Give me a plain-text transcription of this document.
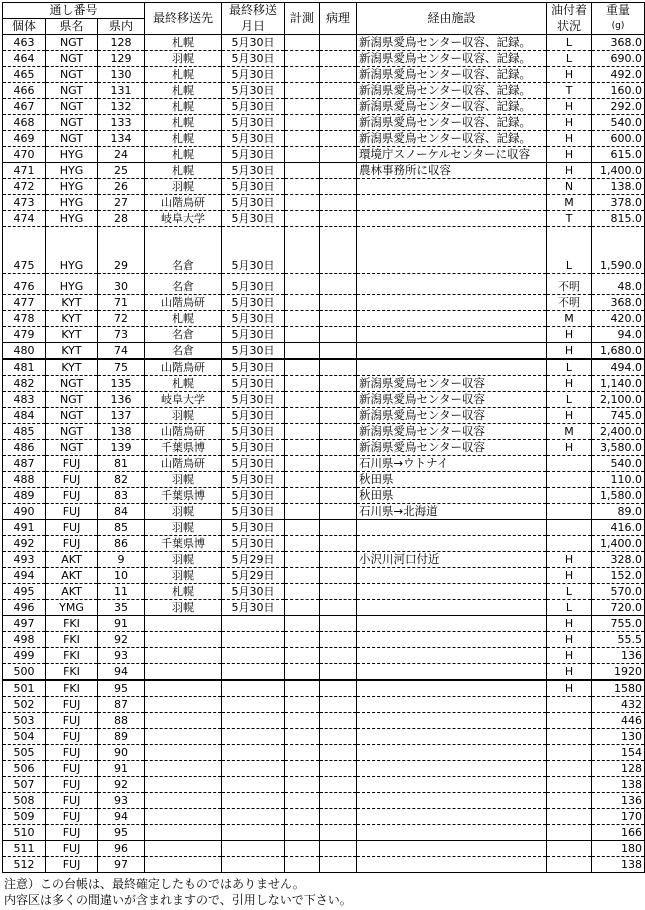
通し番号			最終移送先	最終移送	計測	病理	経由施設	油付着	重量
個体	県名	県内		月日				状況	(g)
463	NGT	128	札幌	5月30日			新潟県愛鳥センター収容、記録。	L	368.0
464	NGT	129	羽幌	5月30日			新潟県愛鳥センター収容、記録。	L	690.0
465	NGT	130	札幌	5月30日			新潟県愛鳥センター収容、記録。	H	492.0
466	NGT	131	札幌	5月30日			新潟県愛鳥センター収容、記録。	T	160.0
467	NGT	132	札幌	5月30日			新潟県愛鳥センター収容、記録。	H	292.0
468	NGT	133	札幌	5月30日			新潟県愛鳥センター収容、記録。	H	540.0
469	NGT	134	札幌	5月30日			新潟県愛鳥センター収容、記録。	H	600.0
470	HYG	24	札幌	5月30日			環境庁スノーケルセンターに収容	H	615.0
471	HYG	25	札幌	5月30日			農林事務所に収容	H	1,400.0
472	HYG	26	羽幌	5月30日				N	138.0
473	HYG	27	山階鳥研	5月30日				M	378.0
474	HYG	28	岐阜大学	5月30日				T	815.0
475	HYG	29	名倉	5月30日				L	1,590.0
476	HYG	30	名倉	5月30日				不明	48.0
477	KYT	71	山階鳥研	5月30日				不明	368.0
478	KYT	72	札幌	5月30日				M	420.0
479	KYT	73	名倉	5月30日				H	94.0
480	KYT	74	名倉	5月30日				H	1,680.0
481	KYT	75	山階鳥研	5月30日				L	494.0
482	NGT	135	札幌	5月30日			新潟県愛鳥センター収容	H	1,140.0
483	NGT	136	岐阜大学	5月30日			新潟県愛鳥センター収容	L	2,100.0
484	NGT	137	羽幌	5月30日			新潟県愛鳥センター収容	H	745.0
485	NGT	138	山階鳥研	5月30日			新潟県愛鳥センター収容	M	2,400.0
486	NGT	139	千葉県博	5月30日			新潟県愛鳥センター収容	H	3,580.0
487	FUJ	81	山階鳥研	5月30日			石川県→ウトナイ		540.0
488	FUJ	82	羽幌	5月30日			秋田県		110.0
489	FUJ	83	千葉県博	5月30日			秋田県		1,580.0
490	FUJ	84	羽幌	5月30日			石川県→北海道		89.0
491	FUJ	85	羽幌	5月30日					416.0
492	FUJ	86	千葉県博	5月30日					1,400.0
493	AKT	9	羽幌	5月29日			小沢川河口付近	H	328.0
494	AKT	10	羽幌	5月29日				H	152.0
495	AKT	11	札幌	5月30日				L	570.0
496	YMG	35	羽幌	5月30日				L	720.0
497	FKI	91						H	755.0
498	FKI	92						H	55.5
499	FKI	93						H	136
500	FKI	94						H	1920
501	FKI	95						H	1580
502	FUJ	87							432
503	FUJ	88							446
504	FUJ	89							130
505	FUJ	90							154
506	FUJ	91							128
507	FUJ	92							138
508	FUJ	93							136
509	FUJ	94							170
510	FUJ	95							166
511	FUJ	96							180
512	FUJ	97							138
注意）この台帳は、最終確定したものではありません。
内容区は多くの間違いが含まれますので、引用しないで下さい。
